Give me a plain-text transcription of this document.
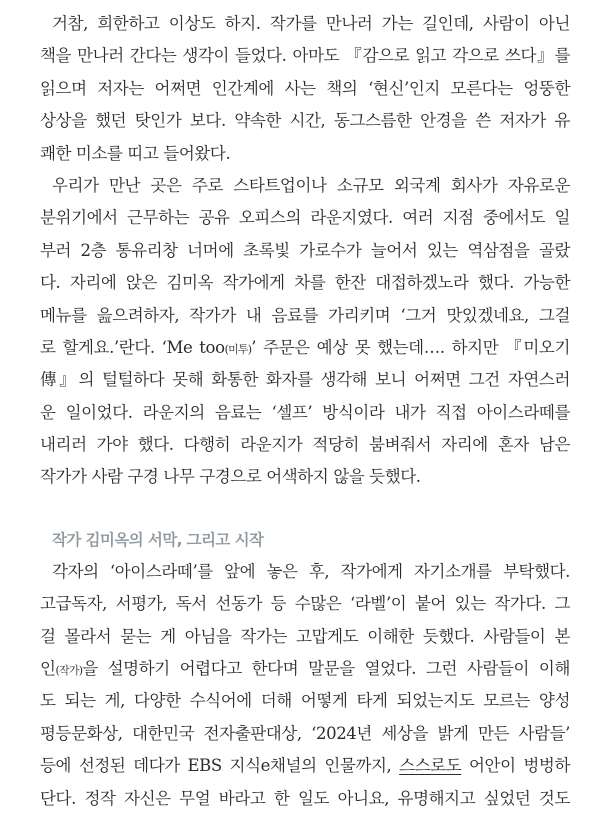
거참, 희한하고 이상도 하지. 작가를 만나러 가는 길인데, 사람이 아닌
책을 만나러 간다는 생각이 들었다. 아마도 『감으로 읽고 각으로 쓰다』를
읽으며 저자는 어쩌면 인간계에 사는 책의 ‘현신’인지 모른다는 엉뚱한
상상을 했던 탓인가 보다. 약속한 시간, 동그스름한 안경을 쓴 저자가 유
쾌한 미소를 띠고 들어왔다.
우리가 만난 곳은 주로 스타트업이나 소규모 외국계 회사가 자유로운
분위기에서 근무하는 공유 오피스의 라운지였다. 여러 지점 중에서도 일
부러 2층 통유리창 너머에 초록빛 가로수가 늘어서 있는 역삼점을 골랐
다. 자리에 앉은 김미옥 작가에게 차를 한잔 대접하겠노라 했다. 가능한
메뉴를 읊으려하자, 작가가 내 음료를 가리키며 ‘그거 맛있겠네요, 그걸
로 할게요.’란다. ‘Me too(미투)’ 주문은 예상 못 했는데…. 하지만 『미오기
傳』의 털털하다 못해 화통한 화자를 생각해 보니 어쩌면 그건 자연스러
운 일이었다. 라운지의 음료는 ‘셀프’ 방식이라 내가 직접 아이스라떼를
내리러 가야 했다. 다행히 라운지가 적당히 붐벼줘서 자리에 혼자 남은
작가가 사람 구경 나무 구경으로 어색하지 않을 듯했다.
작가 김미옥의 서막, 그리고 시작
각자의 ‘아이스라떼’를 앞에 놓은 후, 작가에게 자기소개를 부탁했다.
고급독자, 서평가, 독서 선동가 등 수많은 ‘라벨’이 붙어 있는 작가다. 그
걸 몰라서 묻는 게 아님을 작가는 고맙게도 이해한 듯했다. 사람들이 본
인(작가)을 설명하기 어렵다고 한다며 말문을 열었다. 그런 사람들이 이해
도 되는 게, 다양한 수식어에 더해 어떻게 타게 되었는지도 모르는 양성
평등문화상, 대한민국 전자출판대상, ‘2024년 세상을 밝게 만든 사람들’
등에 선정된 데다가 EBS 지식e채널의 인물까지, 스스로도 어안이 벙벙하
단다. 정작 자신은 무얼 바라고 한 일도 아니요, 유명해지고 싶었던 것도
